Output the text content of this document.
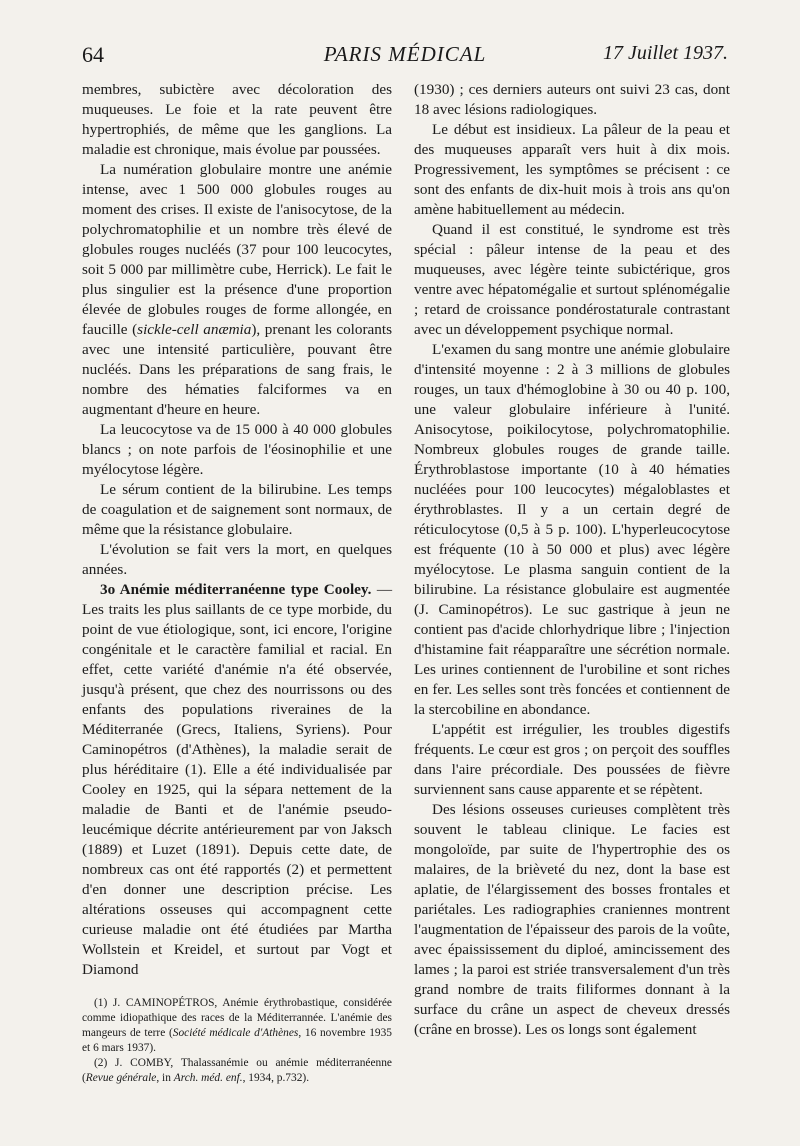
64	PARIS MÉDICAL	17 Juillet 1937.

membres, subictère avec décoloration des muqueuses. Le foie et la rate peuvent être hypertrophiés, de même que les ganglions. La maladie est chronique, mais évolue par poussées.

La numération globulaire montre une anémie intense, avec 1 500 000 globules rouges au moment des crises. Il existe de l'anisocytose, de la polychromatophilie et un nombre très élevé de globules rouges nucléés (37 pour 100 leucocytes, soit 5 000 par millimètre cube, Herrick). Le fait le plus singulier est la présence d'une proportion élevée de globules rouges de forme allongée, en faucille (sickle-cell anæmia), prenant les colorants avec une intensité particulière, pouvant être nucléés. Dans les préparations de sang frais, le nombre des hématies falciformes va en augmentant d'heure en heure.

La leucocytose va de 15 000 à 40 000 globules blancs ; on note parfois de l'éosinophilie et une myélocytose légère.

Le sérum contient de la bilirubine. Les temps de coagulation et de saignement sont normaux, de même que la résistance globulaire.

L'évolution se fait vers la mort, en quelques années.

3o Anémie méditerranéenne type Cooley. — Les traits les plus saillants de ce type morbide, du point de vue étiologique, sont, ici encore, l'origine congénitale et le caractère familial et racial. En effet, cette variété d'anémie n'a été observée, jusqu'à présent, que chez des nourrissons ou des enfants des populations riveraines de la Méditerranée (Grecs, Italiens, Syriens). Pour Caminopétros (d'Athènes), la maladie serait de plus héréditaire (1). Elle a été individualisée par Cooley en 1925, qui la sépara nettement de la maladie de Banti et de l'anémie pseudo-leucémique décrite antérieurement par von Jaksch (1889) et Luzet (1891). Depuis cette date, de nombreux cas ont été rapportés (2) et permettent d'en donner une description précise. Les altérations osseuses qui accompagnent cette curieuse maladie ont été étudiées par Martha Wollstein et Kreidel, et surtout par Vogt et Diamond

(1) J. CAMINOPÉTROS, Anémie érythrobastique, considérée comme idiopathique des races de la Méditerrannée. L'anémie des mangeurs de terre (Société médicale d'Athènes, 16 novembre 1935 et 6 mars 1937).

(2) J. COMBY, Thalassanémie ou anémie méditerranéenne (Revue générale, in Arch. méd. enf., 1934, p.732).

(1930) ; ces derniers auteurs ont suivi 23 cas, dont 18 avec lésions radiologiques.

Le début est insidieux. La pâleur de la peau et des muqueuses apparaît vers huit à dix mois. Progressivement, les symptômes se précisent : ce sont des enfants de dix-huit mois à trois ans qu'on amène habituellement au médecin.

Quand il est constitué, le syndrome est très spécial : pâleur intense de la peau et des muqueuses, avec légère teinte subictérique, gros ventre avec hépatomégalie et surtout splénomégalie ; retard de croissance pondérostaturale contrastant avec un développement psychique normal.

L'examen du sang montre une anémie globulaire d'intensité moyenne : 2 à 3 millions de globules rouges, un taux d'hémoglobine à 30 ou 40 p. 100, une valeur globulaire inférieure à l'unité. Anisocytose, poikilocytose, polychromatophilie. Nombreux globules rouges de grande taille. Érythroblastose importante (10 à 40 hématies nucléées pour 100 leucocytes) mégaloblastes et érythroblastes. Il y a un certain degré de réticulocytose (0,5 à 5 p. 100). L'hyperleucocytose est fréquente (10 à 50 000 et plus) avec légère myélocytose. Le plasma sanguin contient de la bilirubine. La résistance globulaire est augmentée (J. Caminopétros). Le suc gastrique à jeun ne contient pas d'acide chlorhydrique libre ; l'injection d'histamine fait réapparaître une sécrétion normale. Les urines contiennent de l'urobiline et sont riches en fer. Les selles sont très foncées et contiennent de la stercobiline en abondance.

L'appétit est irrégulier, les troubles digestifs fréquents. Le cœur est gros ; on perçoit des souffles dans l'aire précordiale. Des poussées de fièvre surviennent sans cause apparente et se répètent.

Des lésions osseuses curieuses complètent très souvent le tableau clinique. Le facies est mongoloïde, par suite de l'hypertrophie des os malaires, de la brièveté du nez, dont la base est aplatie, de l'élargissement des bosses frontales et pariétales. Les radiographies craniennes montrent l'augmentation de l'épaisseur des parois de la voûte, avec épaississement du diploé, amincissement des lames ; la paroi est striée transversalement d'un très grand nombre de traits filiformes donnant à la surface du crâne un aspect de cheveux dressés (crâne en brosse). Les os longs sont également
